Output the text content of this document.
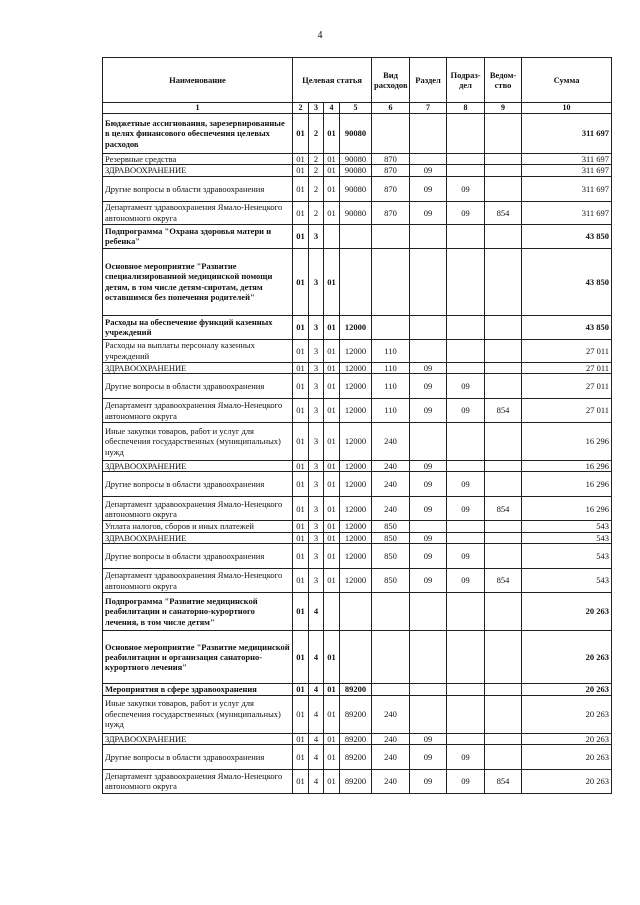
4
Наименование	Целевая статья				Вид расходов	Раздел	Подраз-дел	Ведом-ство	Сумма
1	2	3	4	5	6	7	8	9	10
Бюджетные ассигнования, зарезервированные в целях финансового обеспечения целевых расходов	01	2	01	90080					311 697
Резервные средства	01	2	01	90080	870				311 697
ЗДРАВООХРАНЕНИЕ	01	2	01	90080	870	09			311 697
Другие вопросы в области здравоохранения	01	2	01	90080	870	09	09		311 697
Департамент здравоохранения Ямало-Ненецкого автономного округа	01	2	01	90080	870	09	09	854	311 697
Подпрограмма "Охрана здоровья матери и ребенка"	01	3							43 850
Основное мероприятие "Развитие специализированной медицинской помощи детям, в том числе детям-сиротам, детям оставшимся без попечения родителей"	01	3	01						43 850
Расходы на обеспечение функций казенных учреждений	01	3	01	12000					43 850
Расходы на выплаты персоналу казенных учреждений	01	3	01	12000	110				27 011
ЗДРАВООХРАНЕНИЕ	01	3	01	12000	110	09			27 011
Другие вопросы в области здравоохранения	01	3	01	12000	110	09	09		27 011
Департамент здравоохранения Ямало-Ненецкого автономного округа	01	3	01	12000	110	09	09	854	27 011
Иные закупки товаров, работ и услуг для обеспечения государственных (муниципальных) нужд	01	3	01	12000	240				16 296
ЗДРАВООХРАНЕНИЕ	01	3	01	12000	240	09			16 296
Другие вопросы в области здравоохранения	01	3	01	12000	240	09	09		16 296
Департамент здравоохранения Ямало-Ненецкого автономного округа	01	3	01	12000	240	09	09	854	16 296
Уплата налогов, сборов и иных платежей	01	3	01	12000	850				543
ЗДРАВООХРАНЕНИЕ	01	3	01	12000	850	09			543
Другие вопросы в области здравоохранения	01	3	01	12000	850	09	09		543
Департамент здравоохранения Ямало-Ненецкого автономного округа	01	3	01	12000	850	09	09	854	543
Подпрограмма "Развитие медицинской реабилитации и санаторно-курортного лечения, в том числе детям"	01	4							20 263
Основное мероприятие "Развитие медицинской реабилитации и организация санаторно-курортного лечения"	01	4	01						20 263
Мероприятия в сфере здравоохранения	01	4	01	89200					20 263
Иные закупки товаров, работ и услуг для обеспечения государственных (муниципальных) нужд	01	4	01	89200	240				20 263
ЗДРАВООХРАНЕНИЕ	01	4	01	89200	240	09			20 263
Другие вопросы в области здравоохранения	01	4	01	89200	240	09	09		20 263
Департамент здравоохранения Ямало-Ненецкого автономного округа	01	4	01	89200	240	09	09	854	20 263
